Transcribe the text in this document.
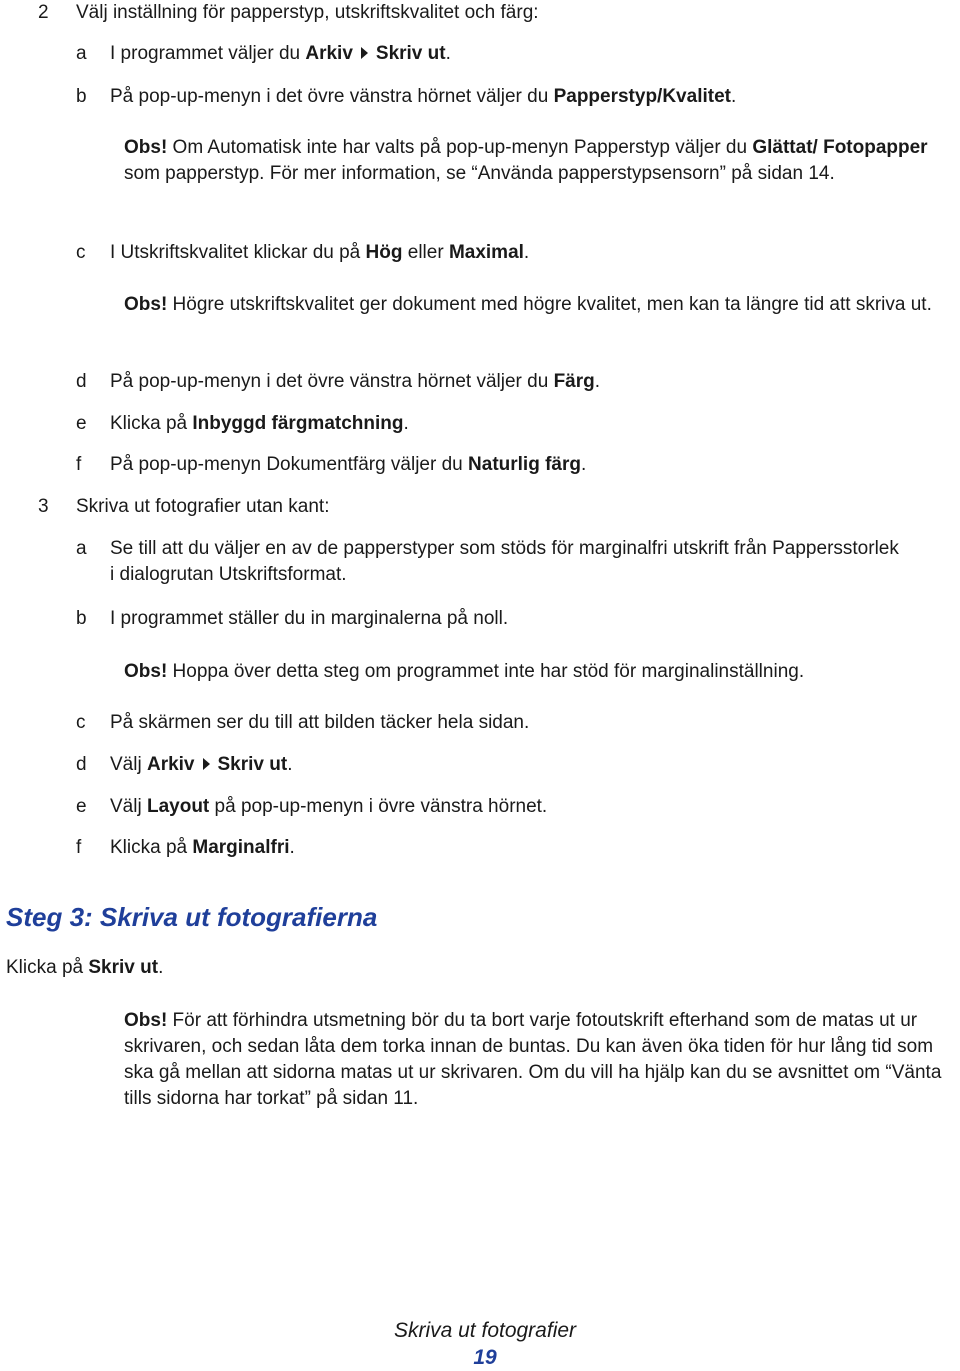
2 Välj inställning för papperstyp, utskriftskvalitet och färg:
a	I programmet väljer du Arkiv Skriv ut.
b	På pop-up-menyn i det övre vänstra hörnet väljer du Papperstyp/Kvalitet.
Obs! Om Automatisk inte har valts på pop-up-menyn Papperstyp väljer du Glättat/ Fotopapper som papperstyp. För mer information, se “Använda papperstypsensorn” på sidan 14.
c	I Utskriftskvalitet klickar du på Hög eller Maximal.
Obs! Högre utskriftskvalitet ger dokument med högre kvalitet, men kan ta längre tid att skriva ut.
d	På pop-up-menyn i det övre vänstra hörnet väljer du Färg.
e	Klicka på Inbyggd färgmatchning.
f	På pop-up-menyn Dokumentfärg väljer du Naturlig färg.
3 Skriva ut fotografier utan kant:
a	Se till att du väljer en av de papperstyper som stöds för marginalfri utskrift från Pappersstorlek i dialogrutan Utskriftsformat.
b	I programmet ställer du in marginalerna på noll.
Obs! Hoppa över detta steg om programmet inte har stöd för marginalinställning.
c	På skärmen ser du till att bilden täcker hela sidan.
d	Välj Arkiv Skriv ut.
e	Välj Layout på pop-up-menyn i övre vänstra hörnet.
f	Klicka på Marginalfri.
Steg 3: Skriva ut fotografierna
Klicka på Skriv ut.
Obs! För att förhindra utsmetning bör du ta bort varje fotoutskrift efterhand som de matas ut ur skrivaren, och sedan låta dem torka innan de buntas. Du kan även öka tiden för hur lång tid som ska gå mellan att sidorna matas ut ur skrivaren. Om du vill ha hjälp kan du se avsnittet om “Vänta tills sidorna har torkat” på sidan 11.
Skriva ut fotografier
19
